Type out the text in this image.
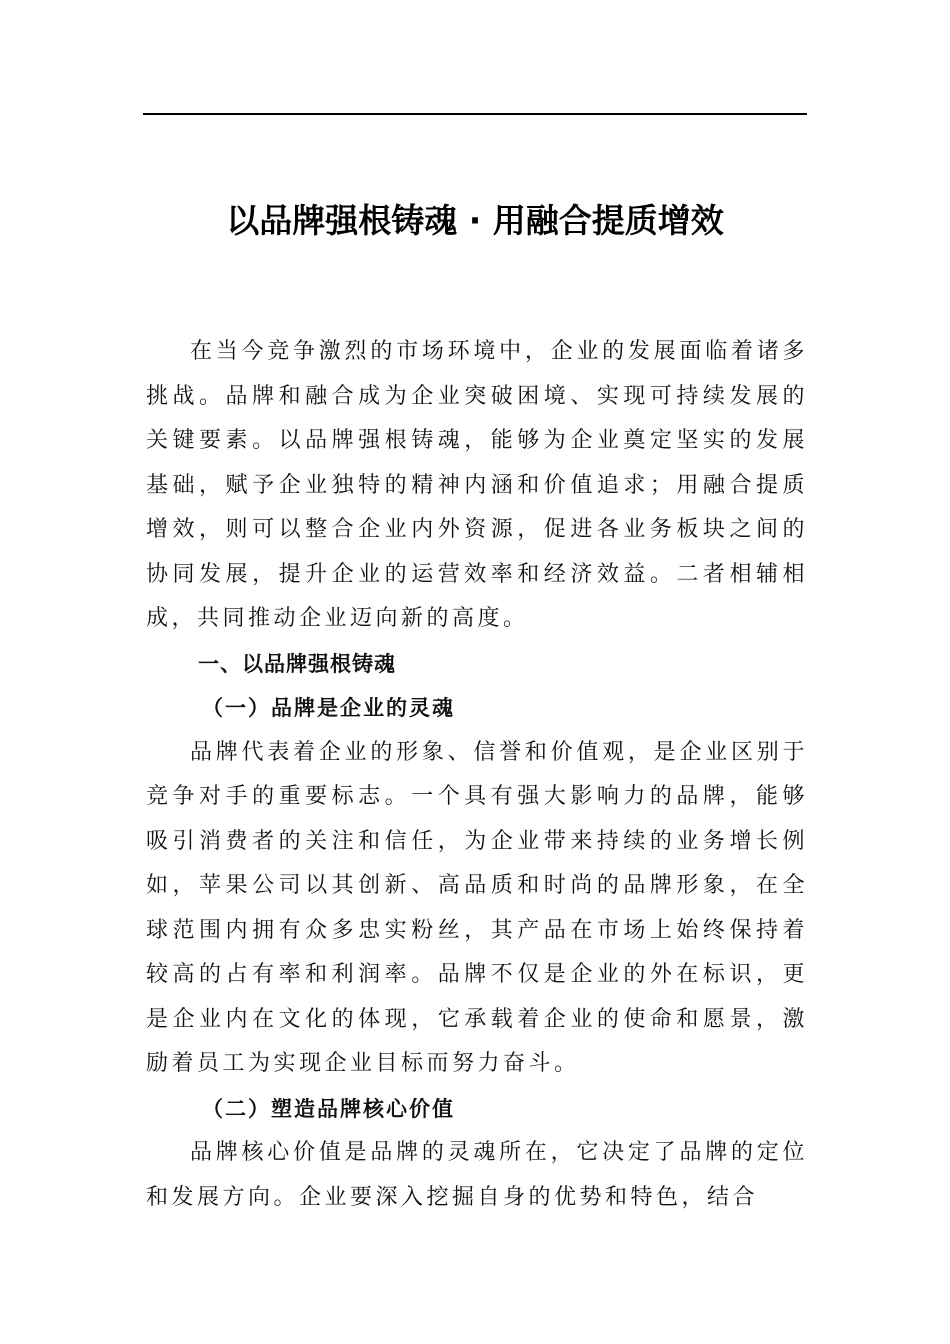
以品牌强根铸魂 · 用融合提质增效

在当今竞争激烈的市场环境中，企业的发展面临着诸多挑战。品牌和融合成为企业突破困境、实现可持续发展的关键要素。以品牌强根铸魂，能够为企业奠定坚实的发展基础，赋予企业独特的精神内涵和价值追求；用融合提质增效，则可以整合企业内外资源，促进各业务板块之间的协同发展，提升企业的运营效率和经济效益。二者相辅相成，共同推动企业迈向新的高度。

一、以品牌强根铸魂

（一）品牌是企业的灵魂

品牌代表着企业的形象、信誉和价值观，是企业区别于竞争对手的重要标志。一个具有强大影响力的品牌，能够吸引消费者的关注和信任，为企业带来持续的业务增长例如，苹果公司以其创新、高品质和时尚的品牌形象，在全球范围内拥有众多忠实粉丝，其产品在市场上始终保持着较高的占有率和利润率。品牌不仅是企业的外在标识，更是企业内在文化的体现，它承载着企业的使命和愿景，激励着员工为实现企业目标而努力奋斗。

（二）塑造品牌核心价值

品牌核心价值是品牌的灵魂所在，它决定了品牌的定位和发展方向。企业要深入挖掘自身的优势和特色，结合
